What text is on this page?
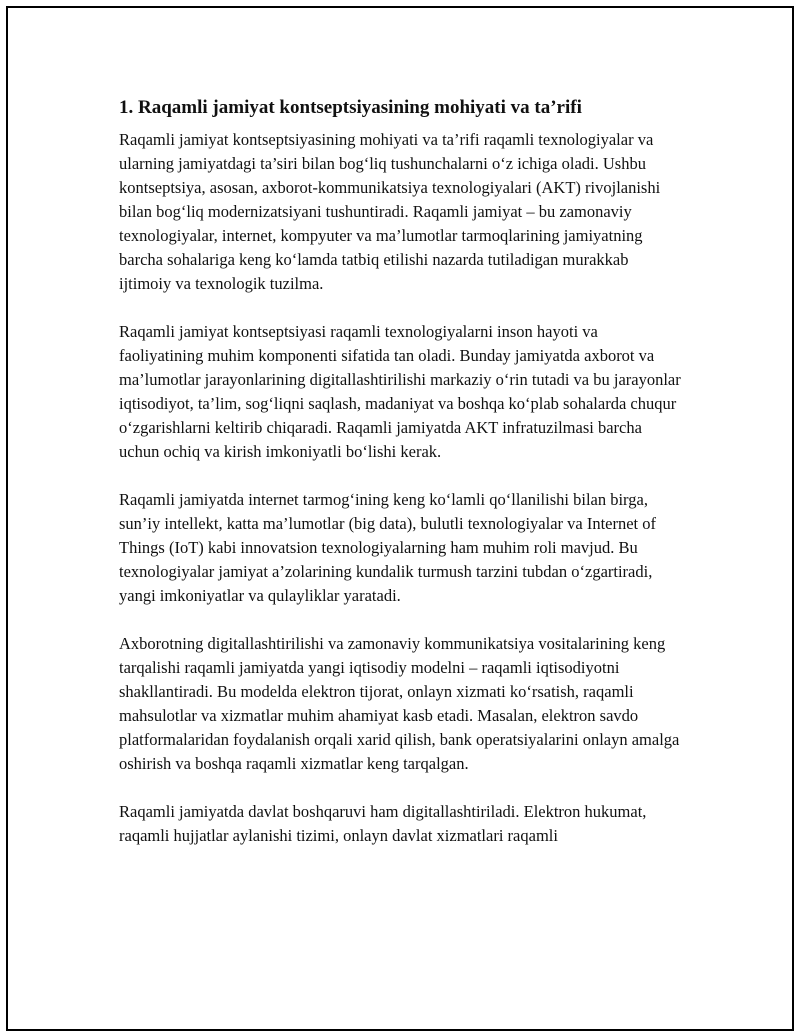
1. Raqamli jamiyat kontseptsiyasining mohiyati va ta’rifi

Raqamli jamiyat kontseptsiyasining mohiyati va ta’rifi raqamli texnologiyalar va ularning jamiyatdagi ta’siri bilan bog‘liq tushunchalarni o‘z ichiga oladi. Ushbu kontseptsiya, asosan, axborot-kommunikatsiya texnologiyalari (AKT) rivojlanishi bilan bog‘liq modernizatsiyani tushuntiradi. Raqamli jamiyat – bu zamonaviy texnologiyalar, internet, kompyuter va ma’lumotlar tarmoqlarining jamiyatning barcha sohalariga keng ko‘lamda tatbiq etilishi nazarda tutiladigan murakkab ijtimoiy va texnologik tuzilma.

Raqamli jamiyat kontseptsiyasi raqamli texnologiyalarni inson hayoti va faoliyatining muhim komponenti sifatida tan oladi. Bunday jamiyatda axborot va ma’lumotlar jarayonlarining digitallashtirilishi markaziy o‘rin tutadi va bu jarayonlar iqtisodiyot, ta’lim, sog‘liqni saqlash, madaniyat va boshqa ko‘plab sohalarda chuqur o‘zgarishlarni keltirib chiqaradi. Raqamli jamiyatda AKT infratuzilmasi barcha uchun ochiq va kirish imkoniyatli bo‘lishi kerak.

Raqamli jamiyatda internet tarmog‘ining keng ko‘lamli qo‘llanilishi bilan birga, sun’iy intellekt, katta ma’lumotlar (big data), bulutli texnologiyalar va Internet of Things (IoT) kabi innovatsion texnologiyalarning ham muhim roli mavjud. Bu texnologiyalar jamiyat a’zolarining kundalik turmush tarzini tubdan o‘zgartiradi, yangi imkoniyatlar va qulayliklar yaratadi.

Axborotning digitallashtirilishi va zamonaviy kommunikatsiya vositalarining keng tarqalishi raqamli jamiyatda yangi iqtisodiy modelni – raqamli iqtisodiyotni shakllantiradi. Bu modelda elektron tijorat, onlayn xizmati ko‘rsatish, raqamli mahsulotlar va xizmatlar muhim ahamiyat kasb etadi. Masalan, elektron savdo platformalaridan foydalanish orqali xarid qilish, bank operatsiyalarini onlayn amalga oshirish va boshqa raqamli xizmatlar keng tarqalgan.

Raqamli jamiyatda davlat boshqaruvi ham digitallashtiriladi. Elektron hukumat, raqamli hujjatlar aylanishi tizimi, onlayn davlat xizmatlari raqamli
